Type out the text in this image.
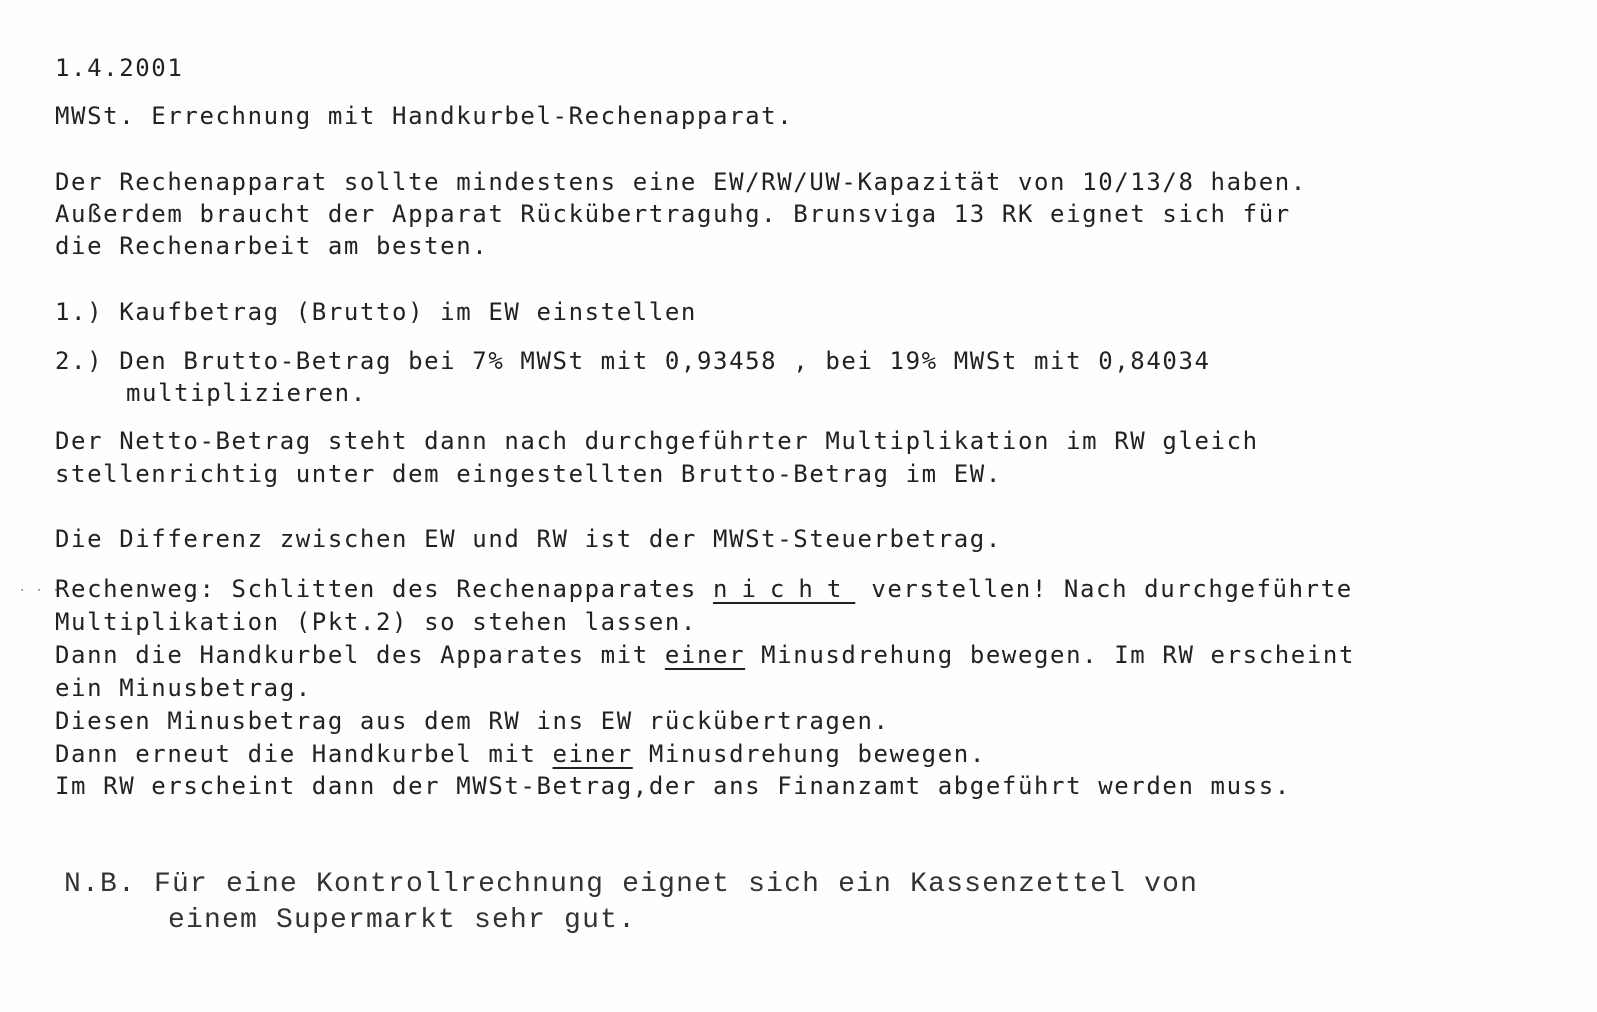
1.4.2001
MWSt. Errechnung mit Handkurbel-Rechenapparat.
Der Rechenapparat sollte mindestens eine EW/RW/UW-Kapazität von 10/13/8 haben.
Außerdem braucht der Apparat Rückübertraguhg. Brunsviga 13 RK eignet sich für
die Rechenarbeit am besten.
1.) Kaufbetrag (Brutto) im EW einstellen
2.) Den Brutto-Betrag bei 7% MWSt mit 0,93458 , bei 19% MWSt mit 0,84034
multiplizieren.
Der Netto-Betrag steht dann nach durchgeführter Multiplikation im RW gleich
stellenrichtig unter dem eingestellten Brutto-Betrag im EW.
Die Differenz zwischen EW und RW ist der MWSt-Steuerbetrag.
· · ·
Rechenweg: Schlitten des Rechenapparates nicht verstellen! Nach durchgeführte
Multiplikation (Pkt.2) so stehen lassen.
Dann die Handkurbel des Apparates mit einer Minusdrehung bewegen. Im RW erscheint
ein Minusbetrag.
Diesen Minusbetrag aus dem RW ins EW rückübertragen.
Dann erneut die Handkurbel mit einer Minusdrehung bewegen.
Im RW erscheint dann der MWSt-Betrag,der ans Finanzamt abgeführt werden muss.
N.B. Für eine Kontrollrechnung eignet sich ein Kassenzettel von
einem Supermarkt sehr gut.
